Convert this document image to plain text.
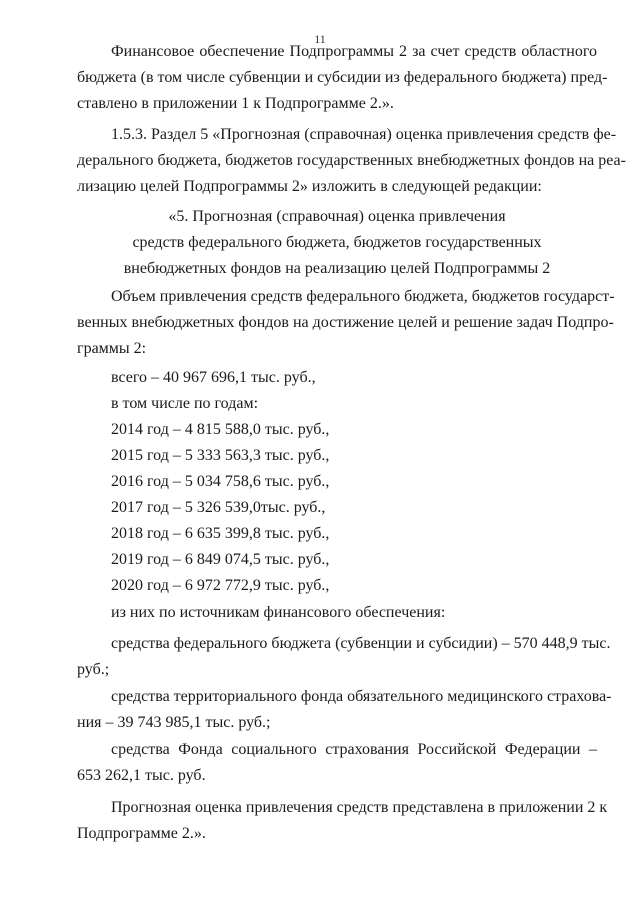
11
Финансовое обеспечение Подпрограммы 2 за счет средств областного
бюджета (в том числе субвенции и субсидии из федерального бюджета) пред-
ставлено в приложении 1 к Подпрограмме 2.».
1.5.3. Раздел 5 «Прогнозная (справочная) оценка привлечения средств фе-
дерального бюджета, бюджетов государственных внебюджетных фондов на реа-
лизацию целей Подпрограммы 2» изложить в следующей редакции:
«5. Прогнозная (справочная) оценка привлечения
средств федерального бюджета, бюджетов государственных
внебюджетных фондов на реализацию целей Подпрограммы 2
Объем привлечения средств федерального бюджета, бюджетов государст-
венных внебюджетных фондов на достижение целей и решение задач Подпро-
граммы 2:
всего – 40 967 696,1 тыс. руб.,
в том числе по годам:
2014 год – 4 815 588,0 тыс. руб.,
2015 год – 5 333 563,3 тыс. руб.,
2016 год – 5 034 758,6 тыс. руб.,
2017 год – 5 326 539,0тыс. руб.,
2018 год – 6 635 399,8 тыс. руб.,
2019 год – 6 849 074,5 тыс. руб.,
2020 год – 6 972 772,9 тыс. руб.,
из них по источникам финансового обеспечения:
средства федерального бюджета (субвенции и субсидии) – 570 448,9 тыс.
руб.;
средства территориального фонда обязательного медицинского страхова-
ния – 39 743 985,1 тыс. руб.;
средства Фонда социального страхования Российской Федерации –
653 262,1 тыс. руб.
Прогнозная оценка привлечения средств представлена в приложении 2 к
Подпрограмме 2.».
